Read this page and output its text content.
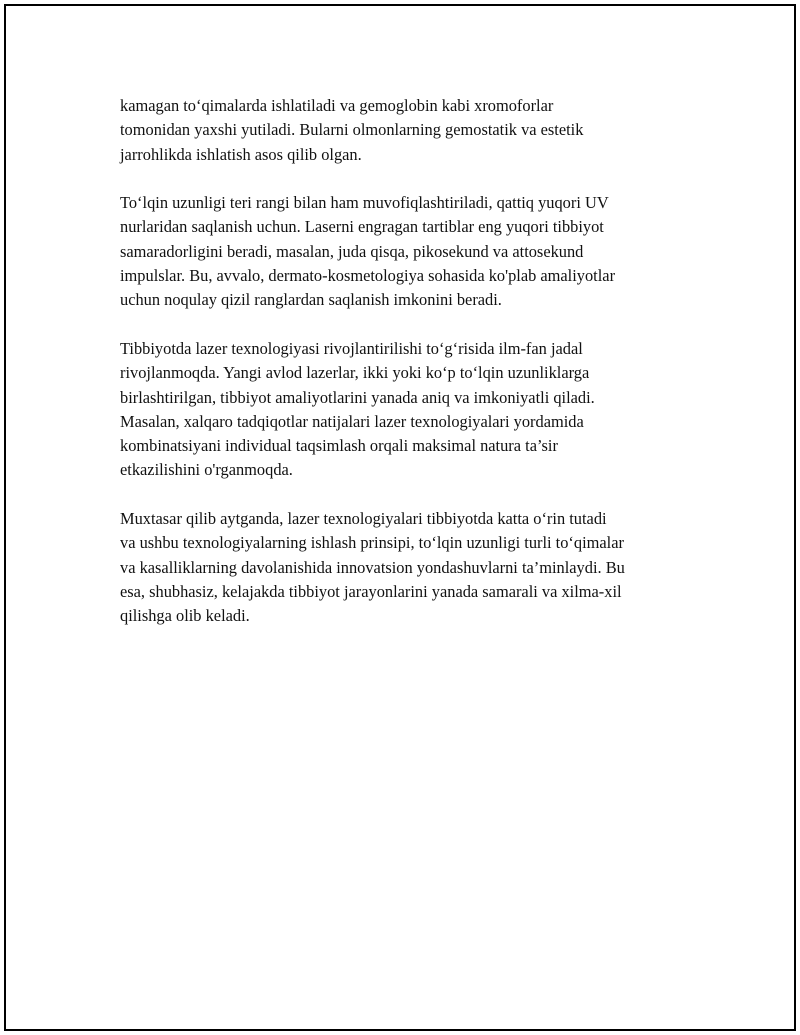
kamagan to‘qimalarda ishlatiladi va gemoglobin kabi xromoforlar
tomonidan yaxshi yutiladi. Bularni olmonlarning gemostatik va estetik
jarrohlikda ishlatish asos qilib olgan.

To‘lqin uzunligi teri rangi bilan ham muvofiqlashtiriladi, qattiq yuqori UV
nurlaridan saqlanish uchun. Laserni engragan tartiblar eng yuqori tibbiyot
samaradorligini beradi, masalan, juda qisqa, pikosekund va attosekund
impulslar. Bu, avvalo, dermato-kosmetologiya sohasida ko'plab amaliyotlar
uchun noqulay qizil ranglardan saqlanish imkonini beradi.

Tibbiyotda lazer texnologiyasi rivojlantirilishi to‘g‘risida ilm-fan jadal
rivojlanmoqda. Yangi avlod lazerlar, ikki yoki ko‘p to‘lqin uzunliklarga
birlashtirilgan, tibbiyot amaliyotlarini yanada aniq va imkoniyatli qiladi.
Masalan, xalqaro tadqiqotlar natijalari lazer texnologiyalari yordamida
kombinatsiyani individual taqsimlash orqali maksimal natura ta’sir
etkazilishini o'rganmoqda.

Muxtasar qilib aytganda, lazer texnologiyalari tibbiyotda katta o‘rin tutadi
va ushbu texnologiyalarning ishlash prinsipi, to‘lqin uzunligi turli to‘qimalar
va kasalliklarning davolanishida innovatsion yondashuvlarni ta’minlaydi. Bu
esa, shubhasiz, kelajakda tibbiyot jarayonlarini yanada samarali va xilma-xil
qilishga olib keladi.
